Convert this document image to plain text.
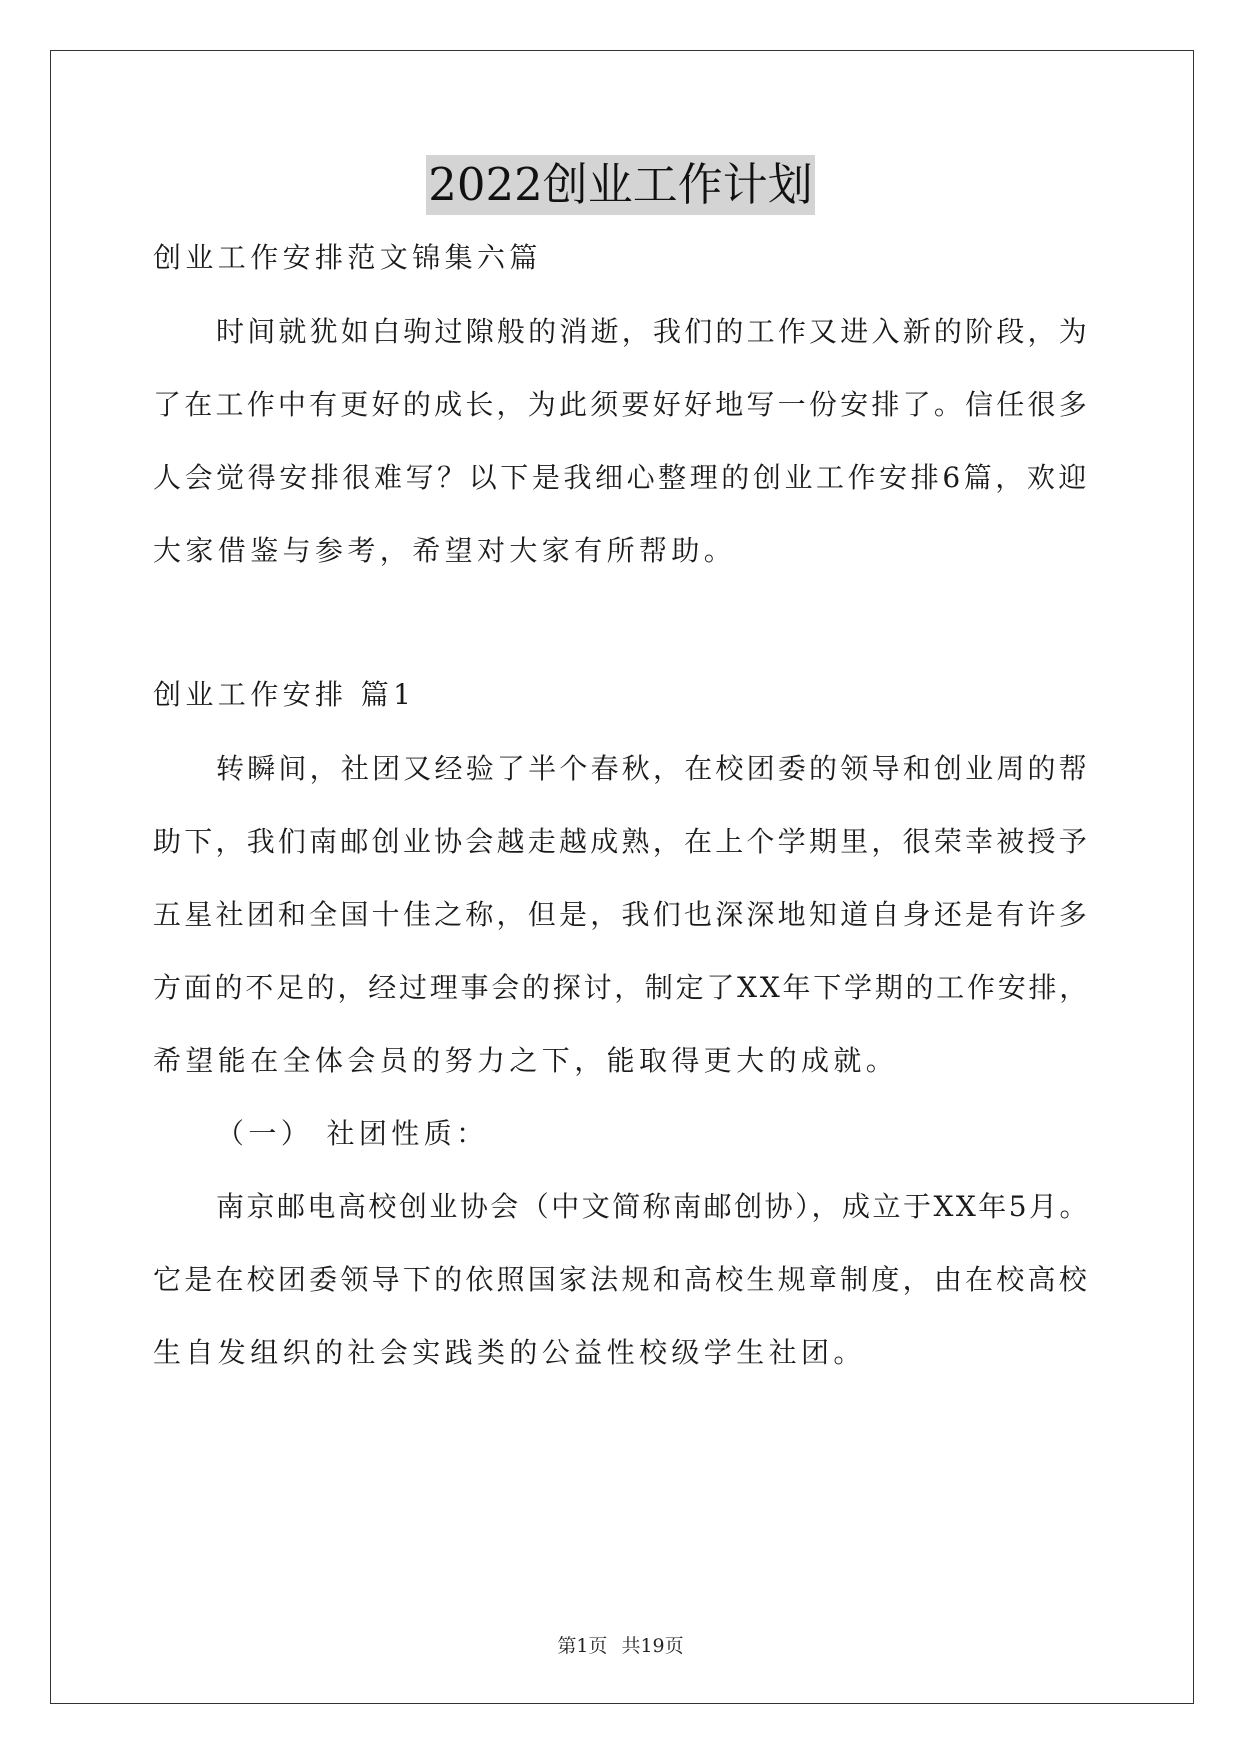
2022创业工作计划
创业工作安排范文锦集六篇
时间就犹如白驹过隙般的消逝，我们的工作又进入新的阶段，为
了在工作中有更好的成长，为此须要好好地写一份安排了。信任很多
人会觉得安排很难写？以下是我细心整理的创业工作安排6篇，欢迎
大家借鉴与参考，希望对大家有所帮助。
创业工作安排 篇1
转瞬间，社团又经验了半个春秋，在校团委的领导和创业周的帮
助下，我们南邮创业协会越走越成熟，在上个学期里，很荣幸被授予
五星社团和全国十佳之称，但是，我们也深深地知道自身还是有许多
方面的不足的，经过理事会的探讨，制定了XX年下学期的工作安排，
希望能在全体会员的努力之下，能取得更大的成就。
（一） 社团性质：
南京邮电高校创业协会（中文简称南邮创协），成立于XX年5月。
它是在校团委领导下的依照国家法规和高校生规章制度，由在校高校
生自发组织的社会实践类的公益性校级学生社团。
第1页 共19页
